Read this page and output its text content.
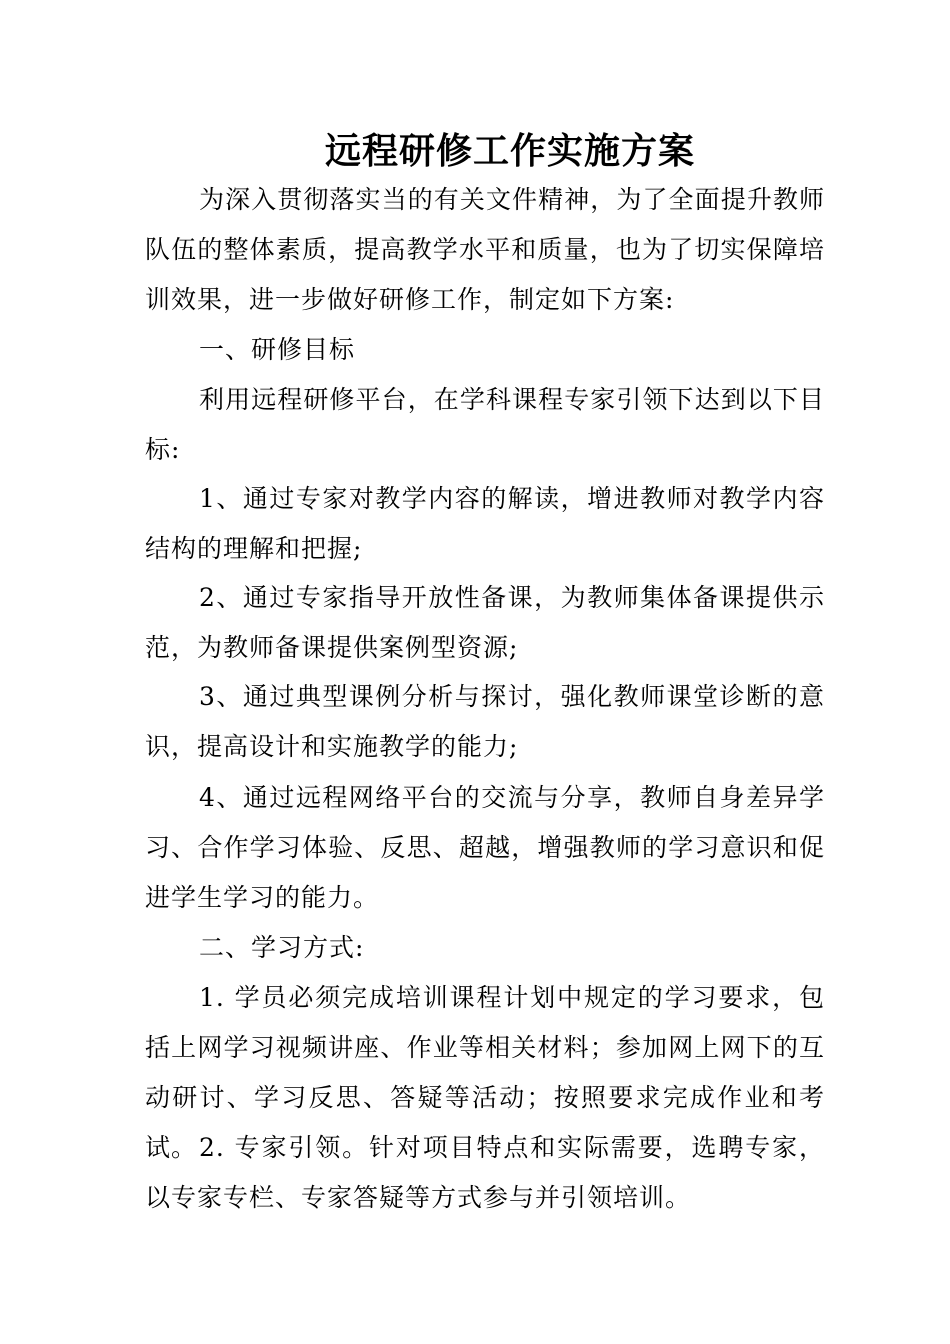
远程研修工作实施方案

为深入贯彻落实当的有关文件精神，为了全面提升教师队伍的整体素质，提高教学水平和质量，也为了切实保障培训效果，进一步做好研修工作，制定如下方案:

一、研修目标

利用远程研修平台，在学科课程专家引领下达到以下目标:

1、通过专家对教学内容的解读，增进教师对教学内容结构的理解和把握;

2、通过专家指导开放性备课，为教师集体备课提供示范，为教师备课提供案例型资源;

3、通过典型课例分析与探讨，强化教师课堂诊断的意识，提高设计和实施教学的能力;

4、通过远程网络平台的交流与分享，教师自身差异学习、合作学习体验、反思、超越，增强教师的学习意识和促进学生学习的能力。

二、学习方式:

1. 学员必须完成培训课程计划中规定的学习要求，包括上网学习视频讲座、作业等相关材料；参加网上网下的互动研讨、学习反思、答疑等活动；按照要求完成作业和考试。 2. 专家引领。针对项目特点和实际需要，选聘专家，以专家专栏、专家答疑等方式参与并引领培训。
